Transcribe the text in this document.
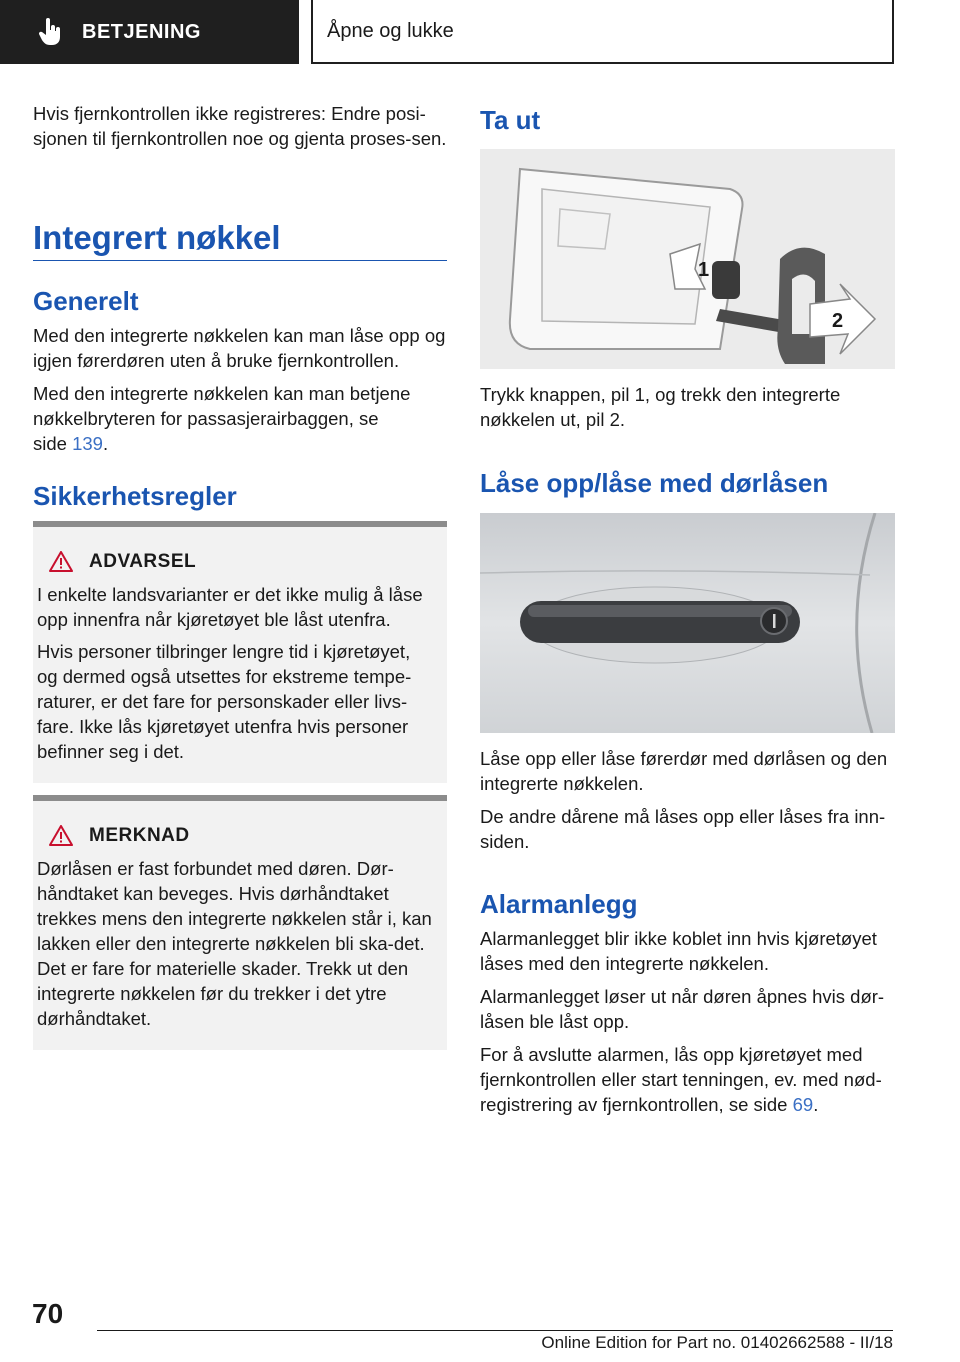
BETJENING	Åpne og lukke

Hvis fjernkontrollen ikke registreres: Endre posi-sjonen til fjernkontrollen noe og gjenta proses-sen.

Integrert nøkkel
Generelt

Med den integrerte nøkkelen kan man låse opp og igjen førerdøren uten å bruke fjernkontrollen.

Med den integrerte nøkkelen kan man betjene nøkkelbryteren for passasjerairbaggen, se
side 139.

Sikkerhetsregler
ADVARSEL

I enkelte landsvarianter er det ikke mulig å låse opp innenfra når kjøretøyet ble låst utenfra.

Hvis personer tilbringer lengre tid i kjøretøyet, og dermed også utsettes for ekstreme tempe-raturer, er det fare for personskader eller livs-fare. Ikke lås kjøretøyet utenfra hvis personer befinner seg i det.

MERKNAD

Dørlåsen er fast forbundet med døren. Dør-håndtaket kan beveges. Hvis dørhåndtaket trekkes mens den integrerte nøkkelen står i, kan lakken eller den integrerte nøkkelen bli ska-det. Det er fare for materielle skader. Trekk ut den integrerte nøkkelen før du trekker i det ytre dørhåndtaket.

Ta ut
1
2

Trykk knappen, pil 1, og trekk den integrerte nøkkelen ut, pil 2.

Låse opp/låse med dørlåsen

Låse opp eller låse førerdør med dørlåsen og den integrerte nøkkelen.

De andre dårene må låses opp eller låses fra inn-siden.

Alarmanlegg

Alarmanlegget blir ikke koblet inn hvis kjøretøyet låses med den integrerte nøkkelen.

Alarmanlegget løser ut når døren åpnes hvis dør-låsen ble låst opp.

For å avslutte alarmen, lås opp kjøretøyet med fjernkontrollen eller start tenningen, ev. med nød-registrering av fjernkontrollen, se side 69.

70
Online Edition for Part no. 01402662588 - II/18
